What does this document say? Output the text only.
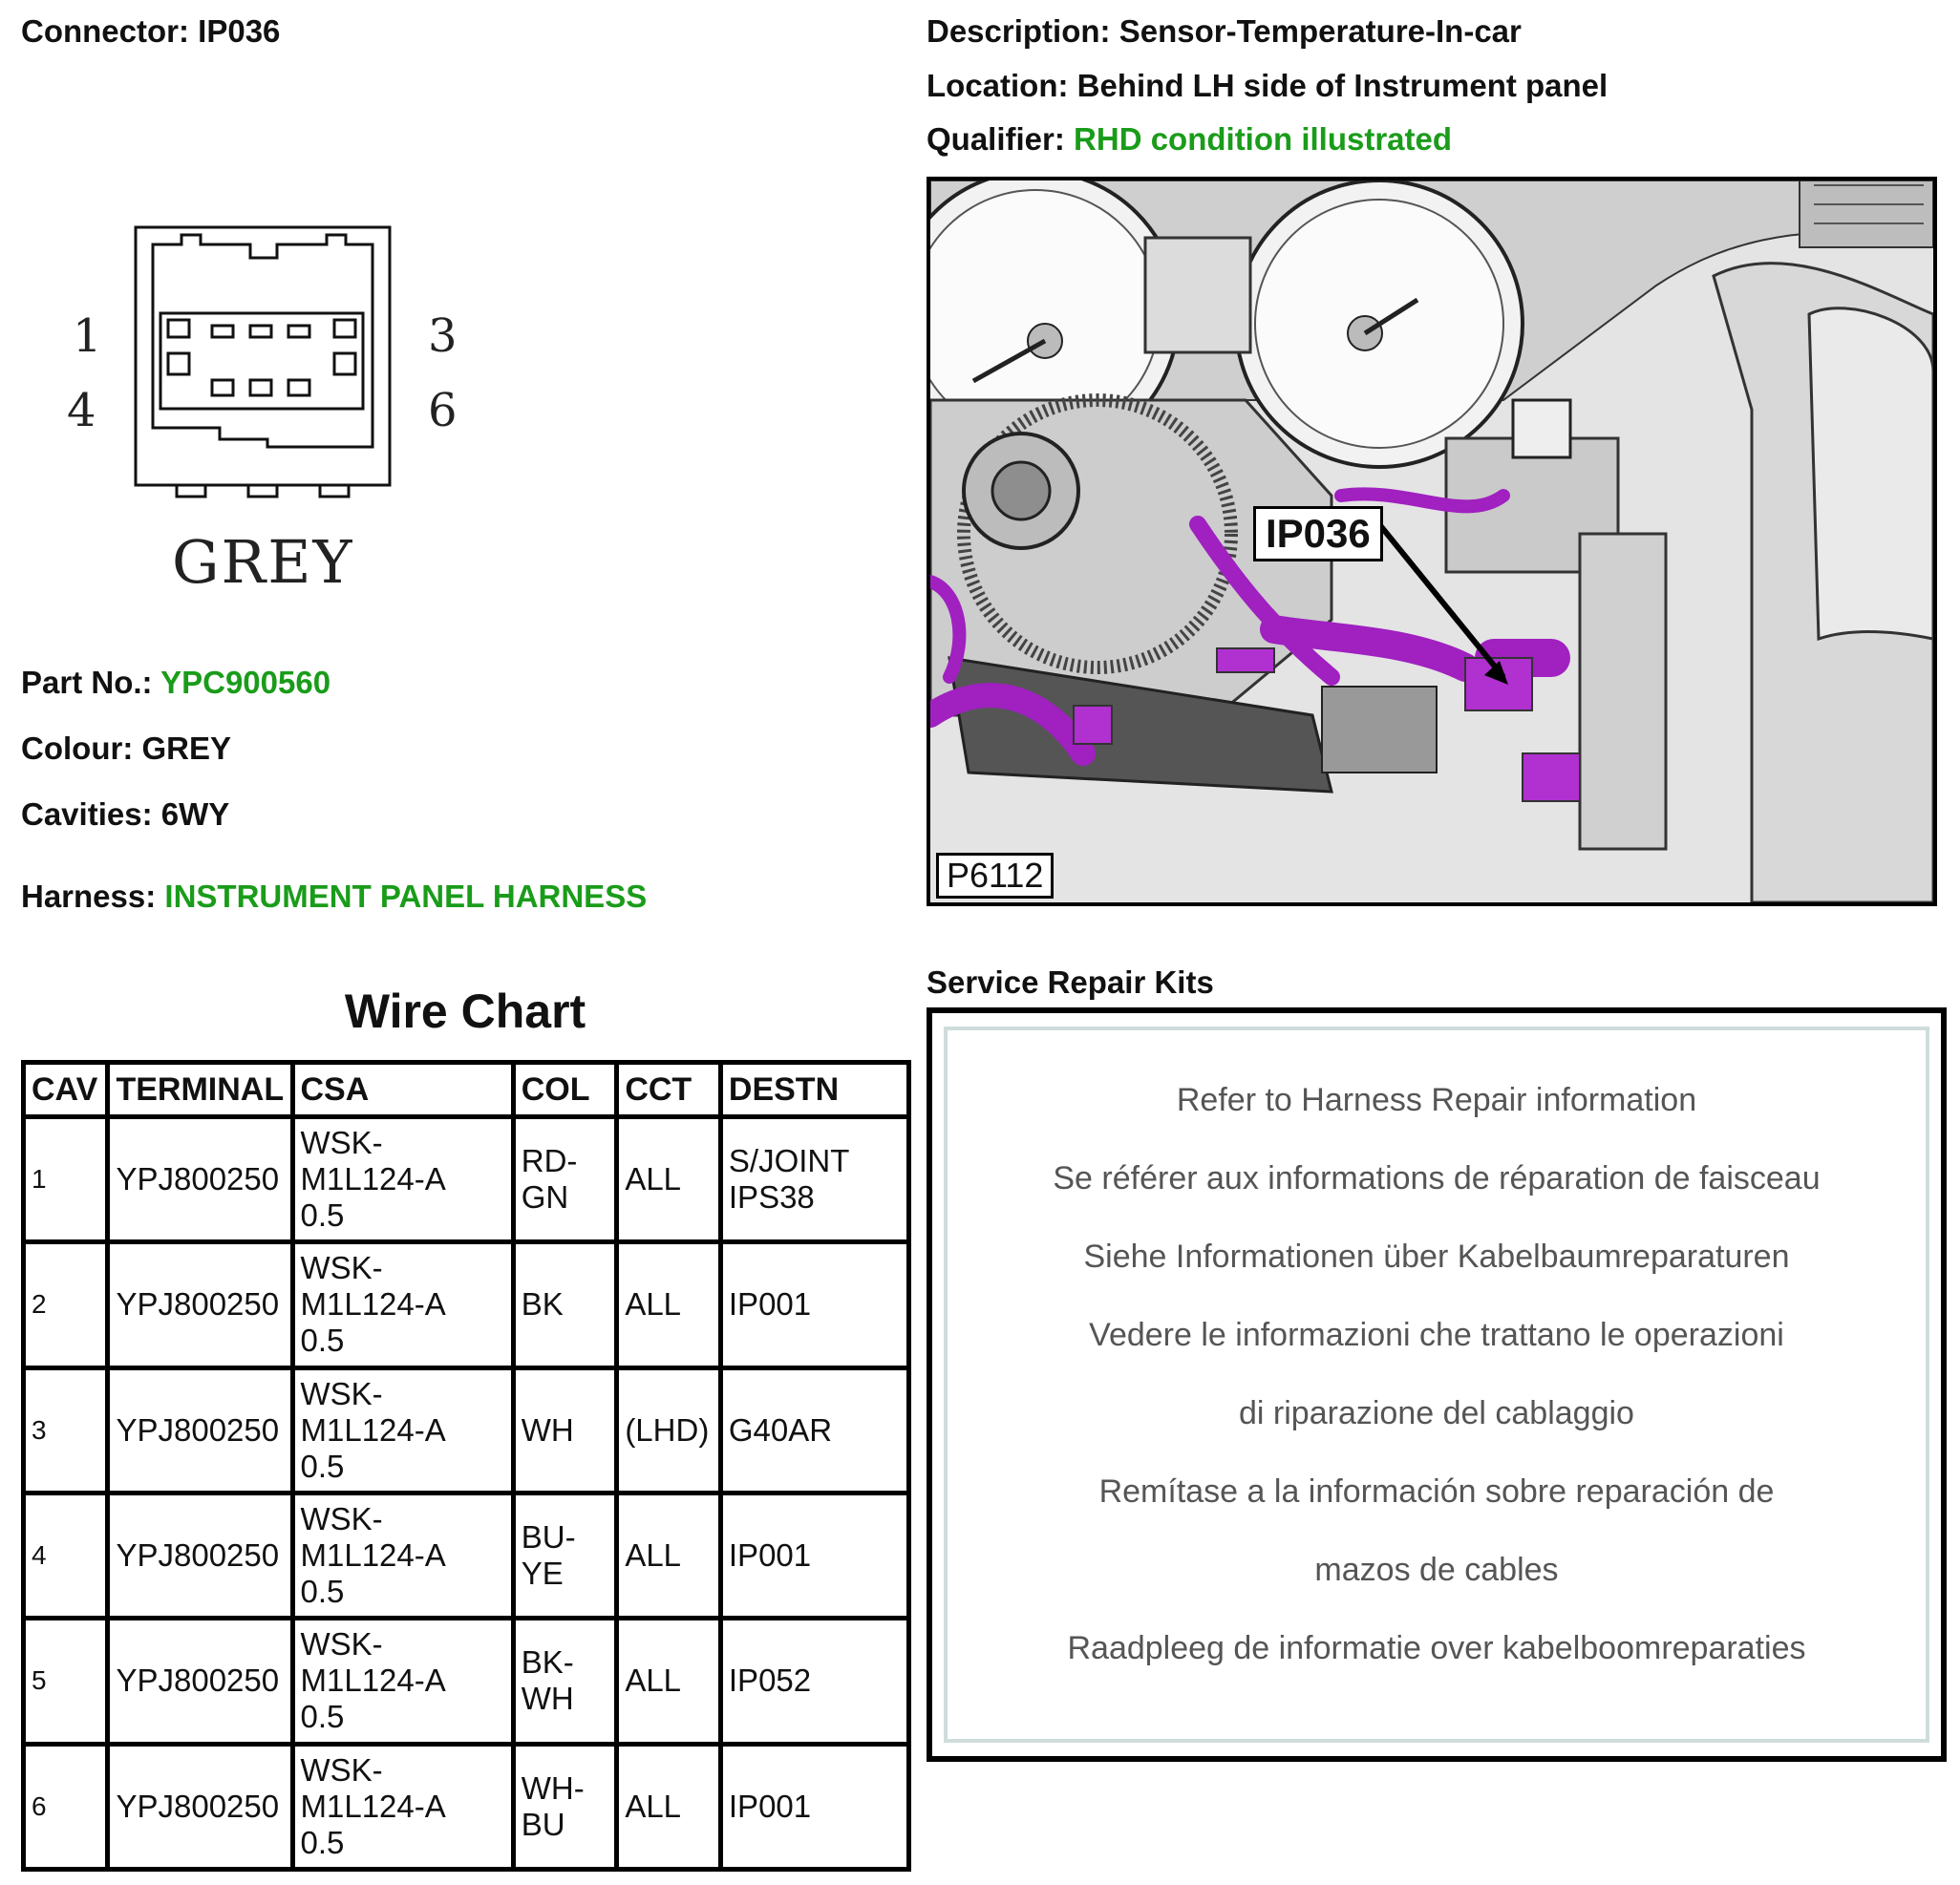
Connector: IP036	Description: Sensor-Temperature-In-car
Location: Behind LH side of Instrument panel
Qualifier: RHD condition illustrated
1	3
4	6
GREY
Part No.: YPC900560
Colour: GREY
Cavities: 6WY
Harness: INSTRUMENT PANEL HARNESS
IP036
P6112
Wire Chart
CAV	TERMINAL	CSA	COL	CCT	DESTN
1	YPJ800250	WSK-
M1L124-A
0.5	RD-
GN	ALL	S/JOINT
IPS38
2	YPJ800250	WSK-
M1L124-A
0.5	BK	ALL	IP001
3	YPJ800250	WSK-
M1L124-A
0.5	WH	(LHD)	G40AR
4	YPJ800250	WSK-
M1L124-A
0.5	BU-
YE	ALL	IP001
5	YPJ800250	WSK-
M1L124-A
0.5	BK-
WH	ALL	IP052
6	YPJ800250	WSK-
M1L124-A
0.5	WH-
BU	ALL	IP001
Service Repair Kits
Refer to Harness Repair information
Se référer aux informations de réparation de faisceau
Siehe Informationen über Kabelbaumreparaturen
Vedere le informazioni che trattano le operazioni
di riparazione del cablaggio
Remítase a la información sobre reparación de
mazos de cables
Raadpleeg de informatie over kabelboomreparaties
